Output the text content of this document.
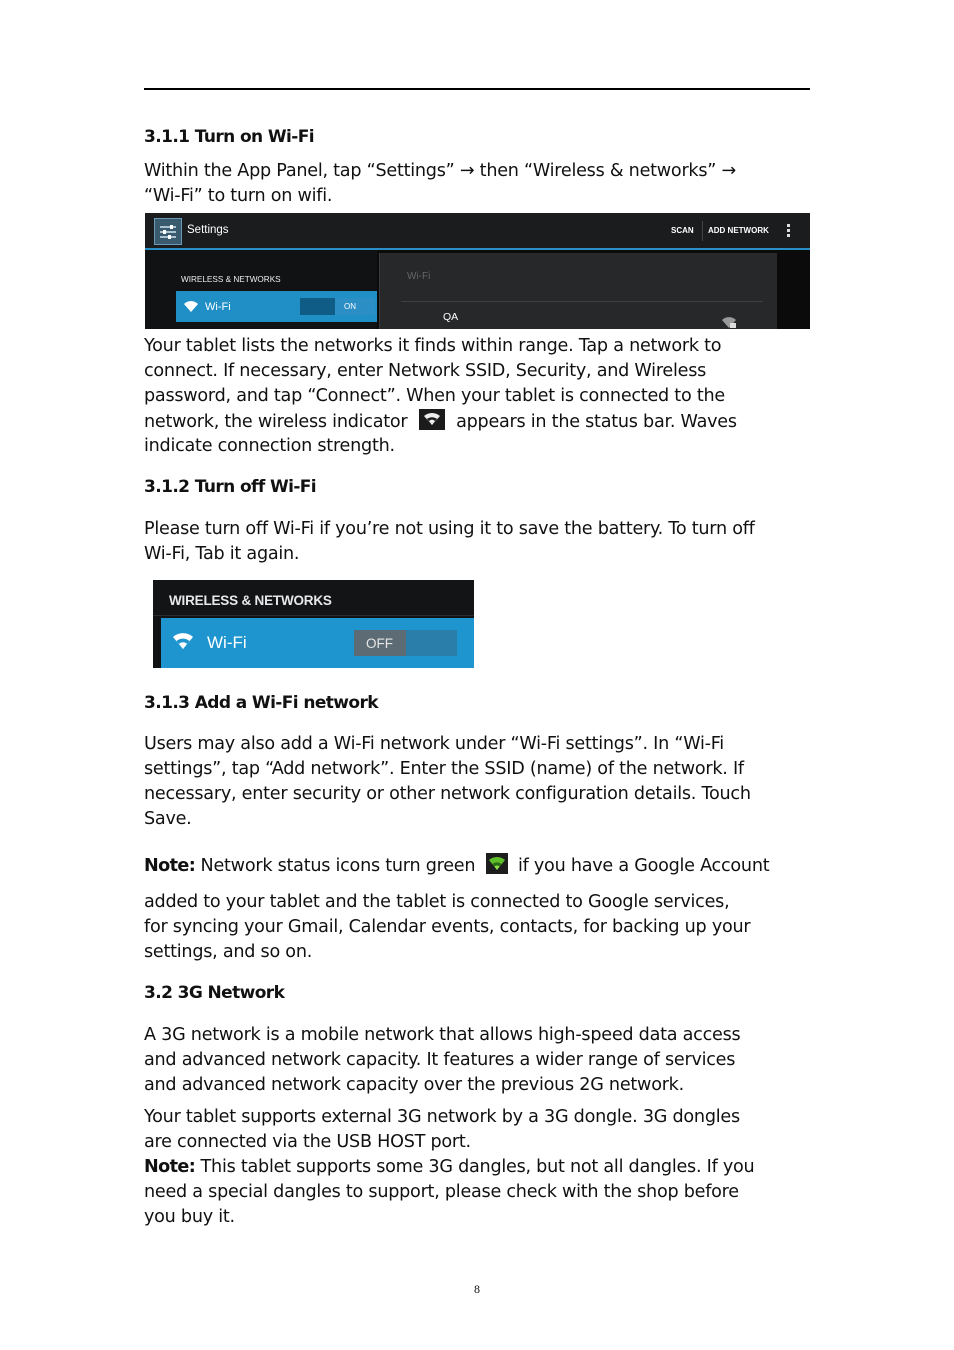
3.1.1 Turn on Wi-Fi

Within the App Panel, tap “Settings” → then “Wireless & networks” →

“Wi-Fi” to turn on wifi.

Settings	SCAN ADD NETWORK
WIRELESS & NETWORKS
Wi-Fi	ON
Wi-Fi
QA

Your tablet lists the networks it finds within range. Tap a network to

connect. If necessary, enter Network SSID, Security, and Wireless

password, and tap “Connect”. When your tablet is connected to the

network, the wireless indicator	appears in the status bar. Waves

indicate connection strength.

3.1.2 Turn off Wi-Fi

Please turn off Wi-Fi if you’re not using it to save the battery. To turn off

Wi-Fi, Tab it again.

WIRELESS & NETWORKS
Wi-Fi	OFF
3.1.3 Add a Wi-Fi network

Users may also add a Wi-Fi network under “Wi-Fi settings”. In “Wi-Fi

settings”, tap “Add network”. Enter the SSID (name) of the network. If

necessary, enter security or other network configuration details. Touch

Save.

Note: Network status icons turn green if you have a Google Account

added to your tablet and the tablet is connected to Google services,

for syncing your Gmail, Calendar events, contacts, for backing up your

settings, and so on.

3.2 3G Network

A 3G network is a mobile network that allows high-speed data access

and advanced network capacity. It features a wider range of services

and advanced network capacity over the previous 2G network.

Your tablet supports external 3G network by a 3G dongle. 3G dongles

are connected via the USB HOST port.

Note: This tablet supports some 3G dangles, but not all dangles. If you

need a special dangles to support, please check with the shop before

you buy it.

8
